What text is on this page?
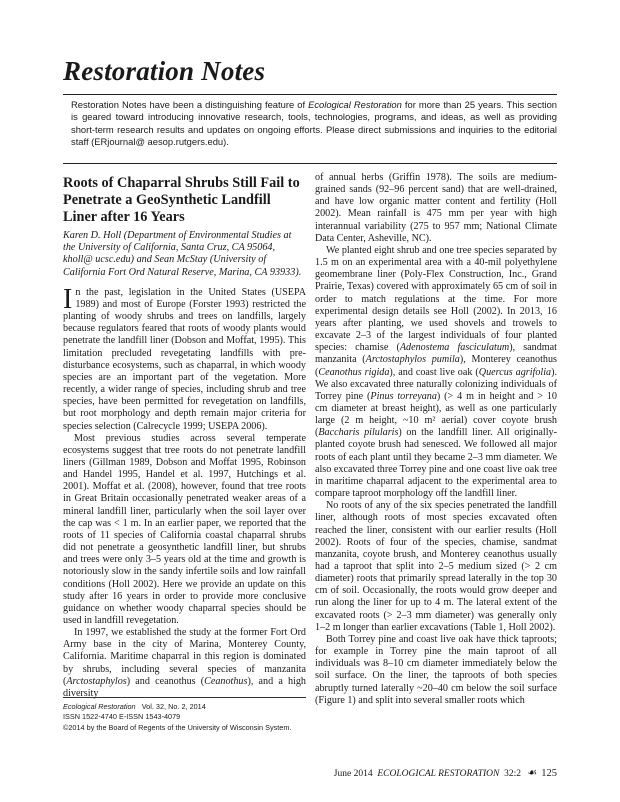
Restoration Notes
Restoration Notes have been a distinguishing feature of Ecological Restoration for more than 25 years. This section is geared toward introducing innovative research, tools, technologies, programs, and ideas, as well as providing short-term research results and updates on ongoing efforts. Please direct submissions and inquiries to the editorial staff (ERjournal@ aesop.rutgers.edu).
Roots of Chaparral Shrubs Still Fail to Penetrate a GeoSynthetic Landfill Liner after 16 Years
Karen D. Holl (Department of Environmental Studies at the University of California, Santa Cruz, CA 95064, kholl@ ucsc.edu) and Sean McStay (University of California Fort Ord Natural Reserve, Marina, CA 93933).
In the past, legislation in the United States (USEPA 1989) and most of Europe (Forster 1993) restricted the planting of woody shrubs and trees on landfills, largely because regulators feared that roots of woody plants would penetrate the landfill liner (Dobson and Moffat, 1995). This limitation precluded revegetating landfills with pre-disturbance ecosystems, such as chaparral, in which woody species are an important part of the vegetation. More recently, a wider range of species, including shrub and tree species, have been permitted for revegetation on landfills, but root morphology and depth remain major criteria for species selection (Calrecycle 1999; USEPA 2006).
Most previous studies across several temperate ecosystems suggest that tree roots do not penetrate landfill liners (Gillman 1989, Dobson and Moffat 1995, Robinson and Handel 1995, Handel et al. 1997, Hutchings et al. 2001). Moffat et al. (2008), however, found that tree roots in Great Britain occasionally penetrated weaker areas of a mineral landfill liner, particularly when the soil layer over the cap was < 1 m. In an earlier paper, we reported that the roots of 11 species of California coastal chaparral shrubs did not penetrate a geosynthetic landfill liner, but shrubs and trees were only 3–5 years old at the time and growth is notoriously slow in the sandy infertile soils and low rainfall conditions (Holl 2002). Here we provide an update on this study after 16 years in order to provide more conclusive guidance on whether woody chaparral species should be used in landfill revegetation.
In 1997, we established the study at the former Fort Ord Army base in the city of Marina, Monterey County, California. Maritime chaparral in this region is dominated by shrubs, including several species of manzanita (Arctostaphylos) and ceanothus (Ceanothus), and a high diversity
Ecological Restoration Vol. 32, No. 2, 2014
ISSN 1522-4740 E-ISSN 1543-4079
©2014 by the Board of Regents of the University of Wisconsin System.
of annual herbs (Griffin 1978). The soils are medium-grained sands (92–96 percent sand) that are well-drained, and have low organic matter content and fertility (Holl 2002). Mean rainfall is 475 mm per year with high interannual variability (275 to 957 mm; National Climate Data Center, Asheville, NC).
We planted eight shrub and one tree species separated by 1.5 m on an experimental area with a 40-mil polyethylene geomembrane liner (Poly-Flex Construction, Inc., Grand Prairie, Texas) covered with approximately 65 cm of soil in order to match regulations at the time. For more experimental design details see Holl (2002). In 2013, 16 years after planting, we used shovels and trowels to excavate 2–3 of the largest individuals of four planted species: chamise (Adenostema fasciculatum), sandmat manzanita (Arctostaphylos pumila), Monterey ceanothus (Ceanothus rigida), and coast live oak (Quercus agrifolia). We also excavated three naturally colonizing individuals of Torrey pine (Pinus torreyana) (> 4 m in height and > 10 cm diameter at breast height), as well as one particularly large (2 m height, ~10 m² aerial) cover coyote brush (Baccharis pilularis) on the landfill liner. All originally-planted coyote brush had senesced. We followed all major roots of each plant until they became 2–3 mm diameter. We also excavated three Torrey pine and one coast live oak tree in maritime chaparral adjacent to the experimental area to compare taproot morphology off the landfill liner.
No roots of any of the six species penetrated the landfill liner, although roots of most species excavated often reached the liner, consistent with our earlier results (Holl 2002). Roots of four of the species, chamise, sandmat manzanita, coyote brush, and Monterey ceanothus usually had a taproot that split into 2–5 medium sized (> 2 cm diameter) roots that primarily spread laterally in the top 30 cm of soil. Occasionally, the roots would grow deeper and run along the liner for up to 4 m. The lateral extent of the excavated roots (> 2–3 mm diameter) was generally only 1–2 m longer than earlier excavations (Table 1, Holl 2002).
Both Torrey pine and coast live oak have thick taproots; for example in Torrey pine the main taproot of all individuals was 8–10 cm diameter immediately below the soil surface. On the liner, the taproots of both species abruptly turned laterally ~20–40 cm below the soil surface (Figure 1) and split into several smaller roots which
June 2014 ECOLOGICAL RESTORATION 32:2 ☙ 125
